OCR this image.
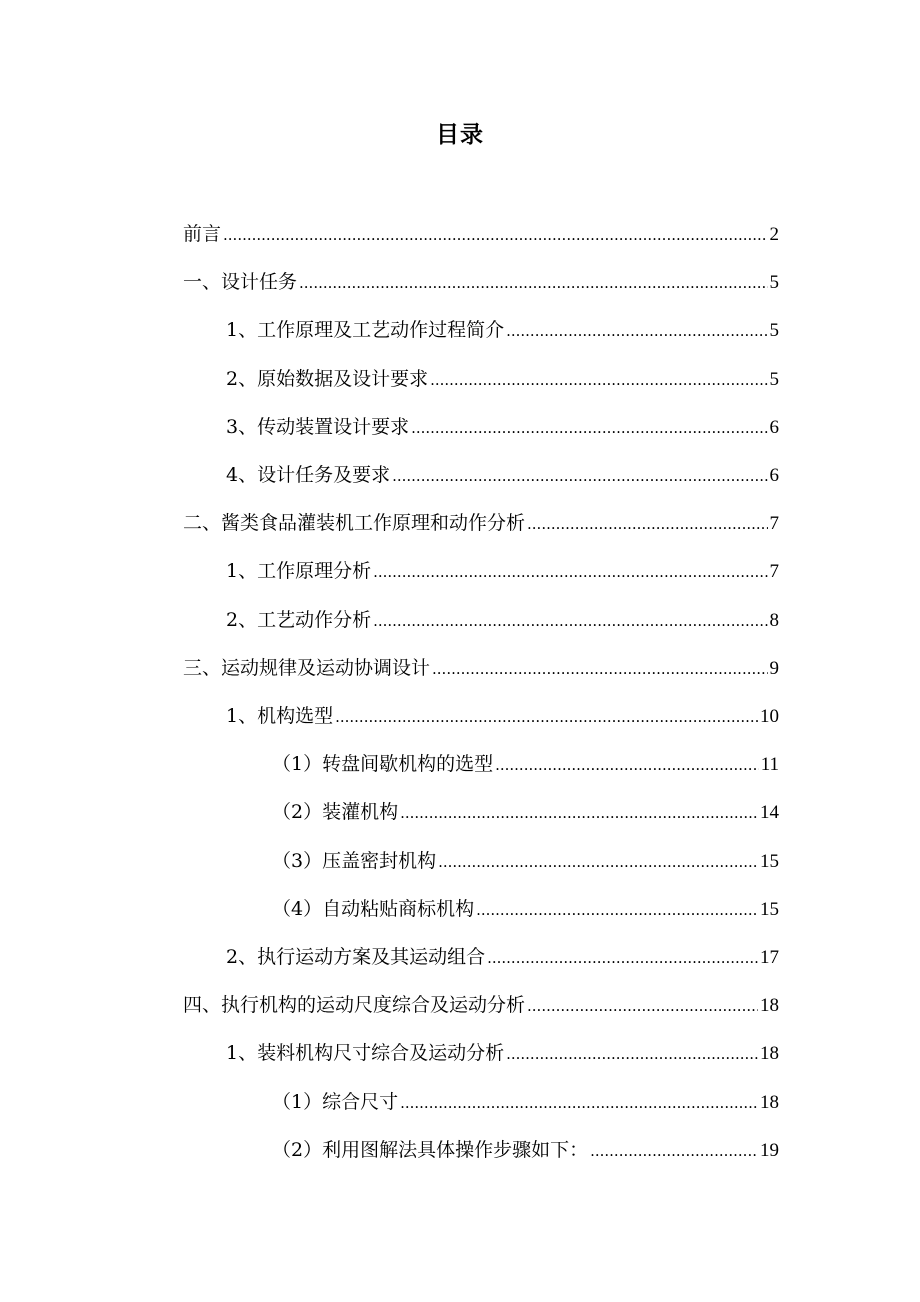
目录
前言 .....	2
一、设计任务 .....	5
1、工作原理及工艺动作过程简介 .....	5
2、原始数据及设计要求 .....	5
3、传动装置设计要求 .....	6
4、设计任务及要求 .....	6
二、酱类食品灌装机工作原理和动作分析 .....	7
1、工作原理分析 .....	7
2、工艺动作分析 .....	8
三、运动规律及运动协调设计 .....	9
1、机构选型 .....	10
（1）转盘间歇机构的选型 .....	11
（2）装灌机构 .....	14
（3）压盖密封机构 .....	15
（4）自动粘贴商标机构 .....	15
2、执行运动方案及其运动组合 .....	17
四、执行机构的运动尺度综合及运动分析 .....	18
1、装料机构尺寸综合及运动分析 .....	18
（1）综合尺寸 .....	18
（2）利用图解法具体操作步骤如下： .....	19
